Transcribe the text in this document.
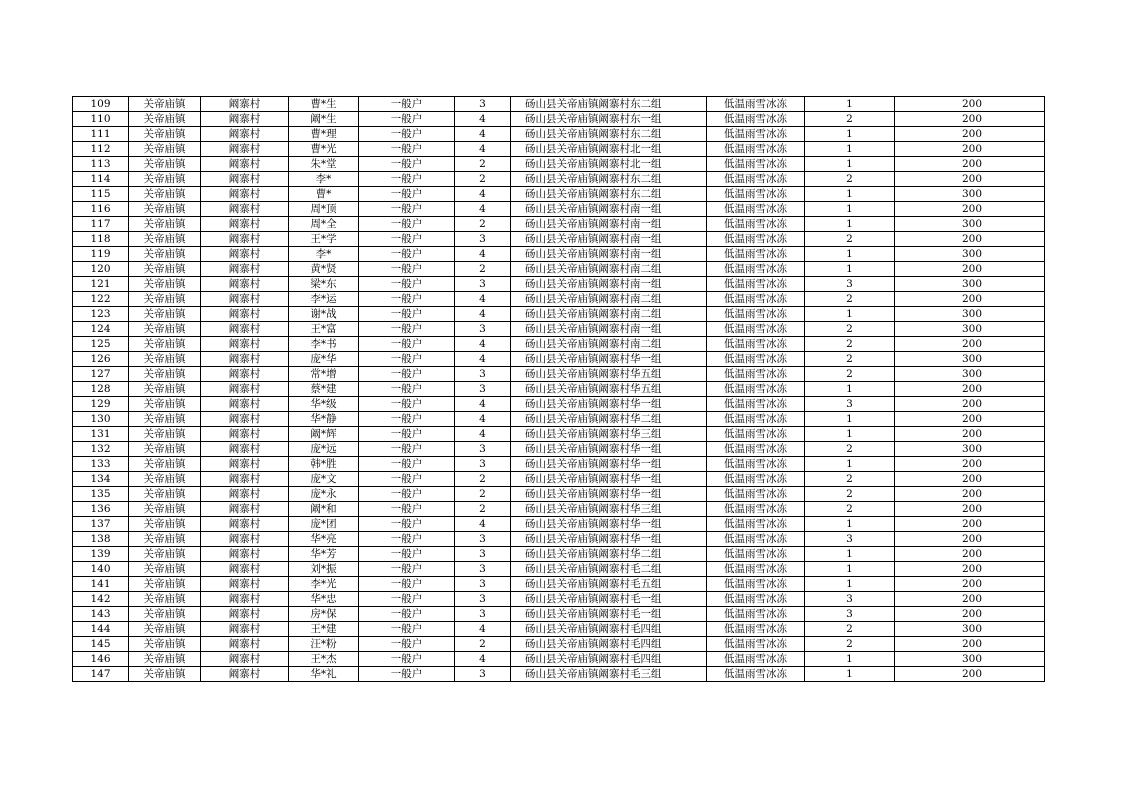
109	关帝庙镇	阚寨村	曹*生	一般户	3	砀山县关帝庙镇阚寨村东二组	低温雨雪冰冻	1	200
110	关帝庙镇	阚寨村	阚*生	一般户	4	砀山县关帝庙镇阚寨村东一组	低温雨雪冰冻	2	200
111	关帝庙镇	阚寨村	曹*理	一般户	4	砀山县关帝庙镇阚寨村东二组	低温雨雪冰冻	1	200
112	关帝庙镇	阚寨村	曹*光	一般户	4	砀山县关帝庙镇阚寨村北一组	低温雨雪冰冻	1	200
113	关帝庙镇	阚寨村	朱*堂	一般户	2	砀山县关帝庙镇阚寨村北一组	低温雨雪冰冻	1	200
114	关帝庙镇	阚寨村	李*	一般户	2	砀山县关帝庙镇阚寨村东二组	低温雨雪冰冻	2	200
115	关帝庙镇	阚寨村	曹*	一般户	4	砀山县关帝庙镇阚寨村东二组	低温雨雪冰冻	1	300
116	关帝庙镇	阚寨村	周*顶	一般户	4	砀山县关帝庙镇阚寨村南一组	低温雨雪冰冻	1	200
117	关帝庙镇	阚寨村	周*全	一般户	2	砀山县关帝庙镇阚寨村南一组	低温雨雪冰冻	1	300
118	关帝庙镇	阚寨村	王*学	一般户	3	砀山县关帝庙镇阚寨村南一组	低温雨雪冰冻	2	200
119	关帝庙镇	阚寨村	李*	一般户	4	砀山县关帝庙镇阚寨村南一组	低温雨雪冰冻	1	300
120	关帝庙镇	阚寨村	黄*贤	一般户	2	砀山县关帝庙镇阚寨村南二组	低温雨雪冰冻	1	200
121	关帝庙镇	阚寨村	梁*东	一般户	3	砀山县关帝庙镇阚寨村南一组	低温雨雪冰冻	3	300
122	关帝庙镇	阚寨村	李*运	一般户	4	砀山县关帝庙镇阚寨村南二组	低温雨雪冰冻	2	200
123	关帝庙镇	阚寨村	谢*战	一般户	4	砀山县关帝庙镇阚寨村南二组	低温雨雪冰冻	1	300
124	关帝庙镇	阚寨村	王*富	一般户	3	砀山县关帝庙镇阚寨村南一组	低温雨雪冰冻	2	300
125	关帝庙镇	阚寨村	李*书	一般户	4	砀山县关帝庙镇阚寨村南二组	低温雨雪冰冻	2	200
126	关帝庙镇	阚寨村	庞*华	一般户	4	砀山县关帝庙镇阚寨村华一组	低温雨雪冰冻	2	300
127	关帝庙镇	阚寨村	常*增	一般户	3	砀山县关帝庙镇阚寨村华五组	低温雨雪冰冻	2	300
128	关帝庙镇	阚寨村	蔡*建	一般户	3	砀山县关帝庙镇阚寨村华五组	低温雨雪冰冻	1	200
129	关帝庙镇	阚寨村	华*级	一般户	4	砀山县关帝庙镇阚寨村华一组	低温雨雪冰冻	3	200
130	关帝庙镇	阚寨村	华*静	一般户	4	砀山县关帝庙镇阚寨村华二组	低温雨雪冰冻	1	200
131	关帝庙镇	阚寨村	阚*辉	一般户	4	砀山县关帝庙镇阚寨村华三组	低温雨雪冰冻	1	200
132	关帝庙镇	阚寨村	庞*远	一般户	3	砀山县关帝庙镇阚寨村华一组	低温雨雪冰冻	2	300
133	关帝庙镇	阚寨村	韩*胜	一般户	3	砀山县关帝庙镇阚寨村华一组	低温雨雪冰冻	1	200
134	关帝庙镇	阚寨村	庞*文	一般户	2	砀山县关帝庙镇阚寨村华一组	低温雨雪冰冻	2	200
135	关帝庙镇	阚寨村	庞*永	一般户	2	砀山县关帝庙镇阚寨村华一组	低温雨雪冰冻	2	200
136	关帝庙镇	阚寨村	阚*和	一般户	2	砀山县关帝庙镇阚寨村华三组	低温雨雪冰冻	2	200
137	关帝庙镇	阚寨村	庞*团	一般户	4	砀山县关帝庙镇阚寨村华一组	低温雨雪冰冻	1	200
138	关帝庙镇	阚寨村	华*亮	一般户	3	砀山县关帝庙镇阚寨村华一组	低温雨雪冰冻	3	200
139	关帝庙镇	阚寨村	华*芳	一般户	3	砀山县关帝庙镇阚寨村华二组	低温雨雪冰冻	1	200
140	关帝庙镇	阚寨村	刘*振	一般户	3	砀山县关帝庙镇阚寨村毛二组	低温雨雪冰冻	1	200
141	关帝庙镇	阚寨村	李*光	一般户	3	砀山县关帝庙镇阚寨村毛五组	低温雨雪冰冻	1	200
142	关帝庙镇	阚寨村	华*忠	一般户	3	砀山县关帝庙镇阚寨村毛一组	低温雨雪冰冻	3	200
143	关帝庙镇	阚寨村	房*保	一般户	3	砀山县关帝庙镇阚寨村毛一组	低温雨雪冰冻	3	200
144	关帝庙镇	阚寨村	王*建	一般户	4	砀山县关帝庙镇阚寨村毛四组	低温雨雪冰冻	2	300
145	关帝庙镇	阚寨村	汪*粉	一般户	2	砀山县关帝庙镇阚寨村毛四组	低温雨雪冰冻	2	200
146	关帝庙镇	阚寨村	王*杰	一般户	4	砀山县关帝庙镇阚寨村毛四组	低温雨雪冰冻	1	300
147	关帝庙镇	阚寨村	华*礼	一般户	3	砀山县关帝庙镇阚寨村毛三组	低温雨雪冰冻	1	200
